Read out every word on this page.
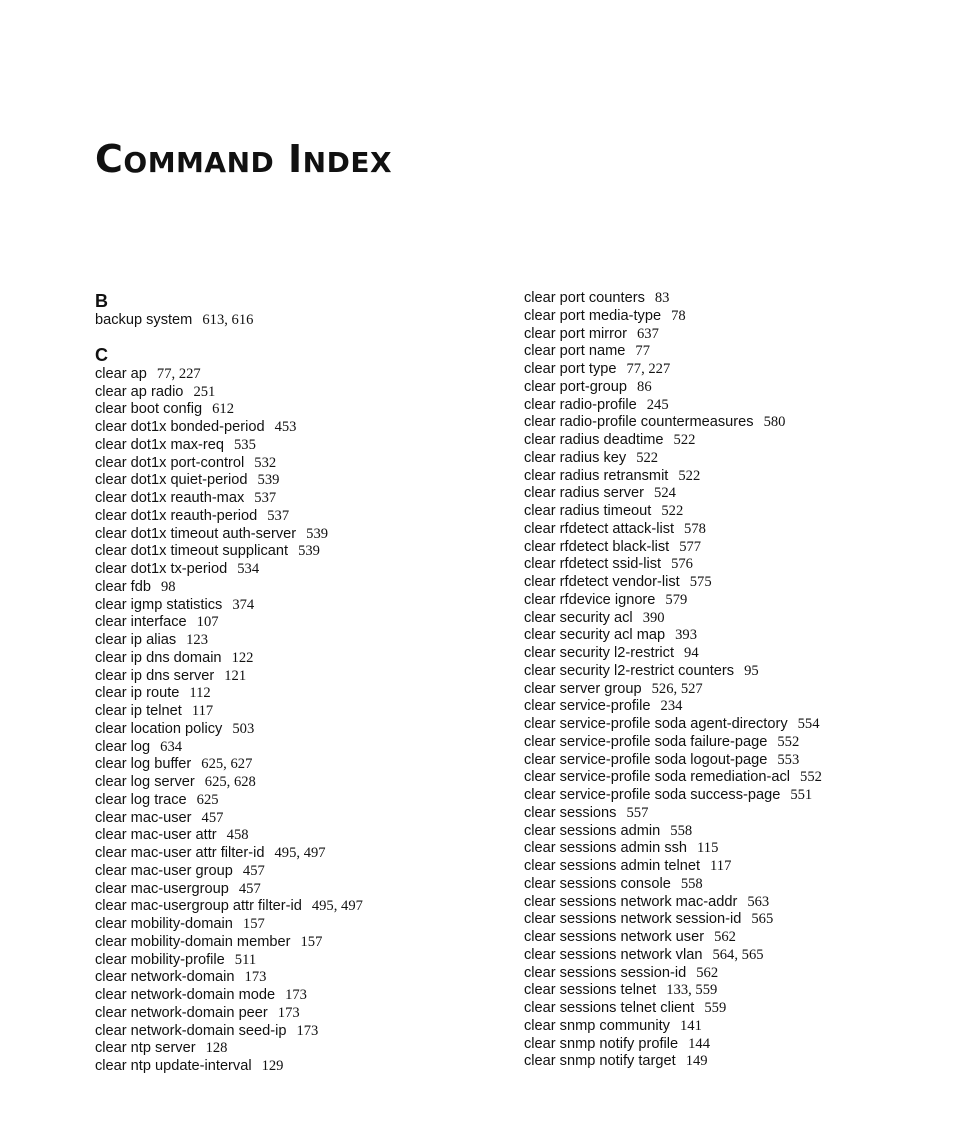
COMMAND INDEX
B
backup system 613, 616
C
clear ap 77, 227
clear ap radio 251
clear boot config 612
clear dot1x bonded-period 453
clear dot1x max-req 535
clear dot1x port-control 532
clear dot1x quiet-period 539
clear dot1x reauth-max 537
clear dot1x reauth-period 537
clear dot1x timeout auth-server 539
clear dot1x timeout supplicant 539
clear dot1x tx-period 534
clear fdb 98
clear igmp statistics 374
clear interface 107
clear ip alias 123
clear ip dns domain 122
clear ip dns server 121
clear ip route 112
clear ip telnet 117
clear location policy 503
clear log 634
clear log buffer 625, 627
clear log server 625, 628
clear log trace 625
clear mac-user 457
clear mac-user attr 458
clear mac-user attr filter-id 495, 497
clear mac-user group 457
clear mac-usergroup 457
clear mac-usergroup attr filter-id 495, 497
clear mobility-domain 157
clear mobility-domain member 157
clear mobility-profile 511
clear network-domain 173
clear network-domain mode 173
clear network-domain peer 173
clear network-domain seed-ip 173
clear ntp server 128
clear ntp update-interval 129
clear port counters 83
clear port media-type 78
clear port mirror 637
clear port name 77
clear port type 77, 227
clear port-group 86
clear radio-profile 245
clear radio-profile countermeasures 580
clear radius deadtime 522
clear radius key 522
clear radius retransmit 522
clear radius server 524
clear radius timeout 522
clear rfdetect attack-list 578
clear rfdetect black-list 577
clear rfdetect ssid-list 576
clear rfdetect vendor-list 575
clear rfdevice ignore 579
clear security acl 390
clear security acl map 393
clear security l2-restrict 94
clear security l2-restrict counters 95
clear server group 526, 527
clear service-profile 234
clear service-profile soda agent-directory 554
clear service-profile soda failure-page 552
clear service-profile soda logout-page 553
clear service-profile soda remediation-acl 552
clear service-profile soda success-page 551
clear sessions 557
clear sessions admin 558
clear sessions admin ssh 115
clear sessions admin telnet 117
clear sessions console 558
clear sessions network mac-addr 563
clear sessions network session-id 565
clear sessions network user 562
clear sessions network vlan 564, 565
clear sessions session-id 562
clear sessions telnet 133, 559
clear sessions telnet client 559
clear snmp community 141
clear snmp notify profile 144
clear snmp notify target 149
